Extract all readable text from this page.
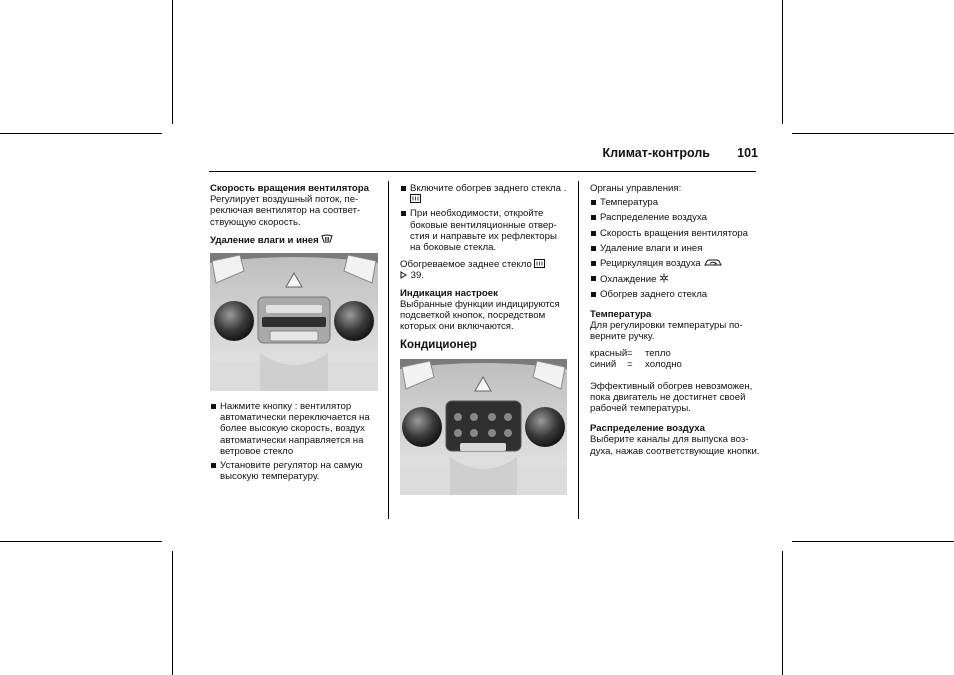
Климат-контроль	101
Скорость вращения вентилятора

Регулирует воздушный поток, переключая вентилятор на соответствующую скорость.

Удаление влаги и инея
Нажмите кнопку : вентилятор автоматически переключается на более высокую скорость, воздух автоматически направляется на ветровое стекло
Установите регулятор на самую высокую температуру.
Включите обогрев заднего стекла .
При необходимости, откройте боковые вентиляционные отверстия и направьте их рефлекторы на боковые стекла.

Обогреваемое заднее стекло
39.

Индикация настроек

Выбранные функции индицируются подсветкой кнопок, посредством которых они включаются.

Кондиционер

Органы управления:

Температура
Распределение воздуха
Скорость вращения вентилятора
Удаление влаги и инея
Рециркуляция воздуха
Охлаждение
Обогрев заднего стекла
Температура

Для регулировки температуры поверните ручку.

красный =	тепло
синий	=	холодно

Эффективный обогрев невозможен, пока двигатель не достигнет своей рабочей температуры.

Распределение воздуха

Выберите каналы для выпуска воздуха, нажав соответствующие кнопки.
